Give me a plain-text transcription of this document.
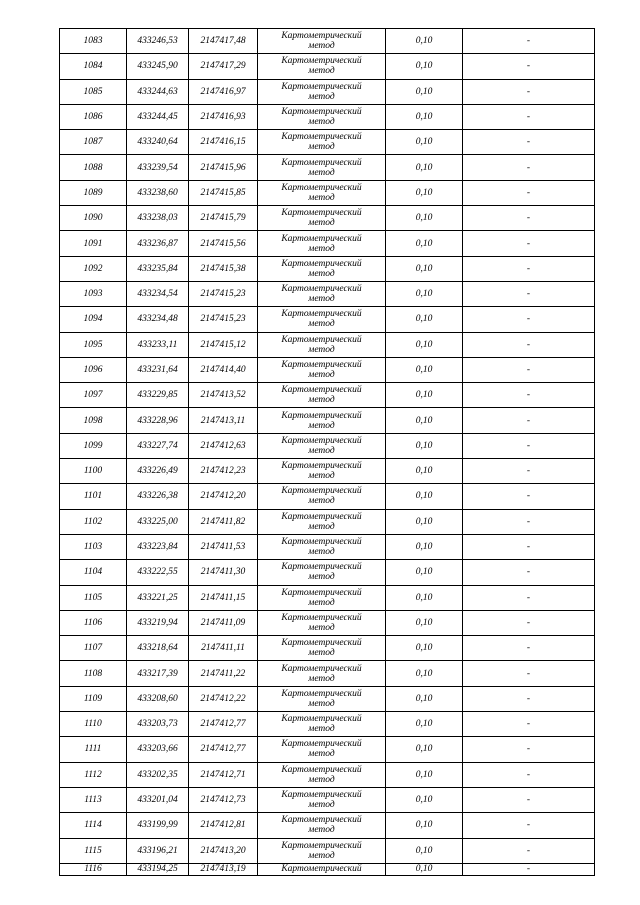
1083	433246,53	2147417,48	Картометрический
метод	0,10	-
1084	433245,90	2147417,29	Картометрический
метод	0,10	-
1085	433244,63	2147416,97	Картометрический
метод	0,10	-
1086	433244,45	2147416,93	Картометрический
метод	0,10	-
1087	433240,64	2147416,15	Картометрический
метод	0,10	-
1088	433239,54	2147415,96	Картометрический
метод	0,10	-
1089	433238,60	2147415,85	Картометрический
метод	0,10	-
1090	433238,03	2147415,79	Картометрический
метод	0,10	-
1091	433236,87	2147415,56	Картометрический
метод	0,10	-
1092	433235,84	2147415,38	Картометрический
метод	0,10	-
1093	433234,54	2147415,23	Картометрический
метод	0,10	-
1094	433234,48	2147415,23	Картометрический
метод	0,10	-
1095	433233,11	2147415,12	Картометрический
метод	0,10	-
1096	433231,64	2147414,40	Картометрический
метод	0,10	-
1097	433229,85	2147413,52	Картометрический
метод	0,10	-
1098	433228,96	2147413,11	Картометрический
метод	0,10	-
1099	433227,74	2147412,63	Картометрический
метод	0,10	-
1100	433226,49	2147412,23	Картометрический
метод	0,10	-
1101	433226,38	2147412,20	Картометрический
метод	0,10	-
1102	433225,00	2147411,82	Картометрический
метод	0,10	-
1103	433223,84	2147411,53	Картометрический
метод	0,10	-
1104	433222,55	2147411,30	Картометрический
метод	0,10	-
1105	433221,25	2147411,15	Картометрический
метод	0,10	-
1106	433219,94	2147411,09	Картометрический
метод	0,10	-
1107	433218,64	2147411,11	Картометрический
метод	0,10	-
1108	433217,39	2147411,22	Картометрический
метод	0,10	-
1109	433208,60	2147412,22	Картометрический
метод	0,10	-
1110	433203,73	2147412,77	Картометрический
метод	0,10	-
1111	433203,66	2147412,77	Картометрический
метод	0,10	-
1112	433202,35	2147412,71	Картометрический
метод	0,10	-
1113	433201,04	2147412,73	Картометрический
метод	0,10	-
1114	433199,99	2147412,81	Картометрический
метод	0,10	-
1115	433196,21	2147413,20	Картометрический
метод	0,10	-
1116	433194,25	2147413,19	Картометрический	0,10	-
